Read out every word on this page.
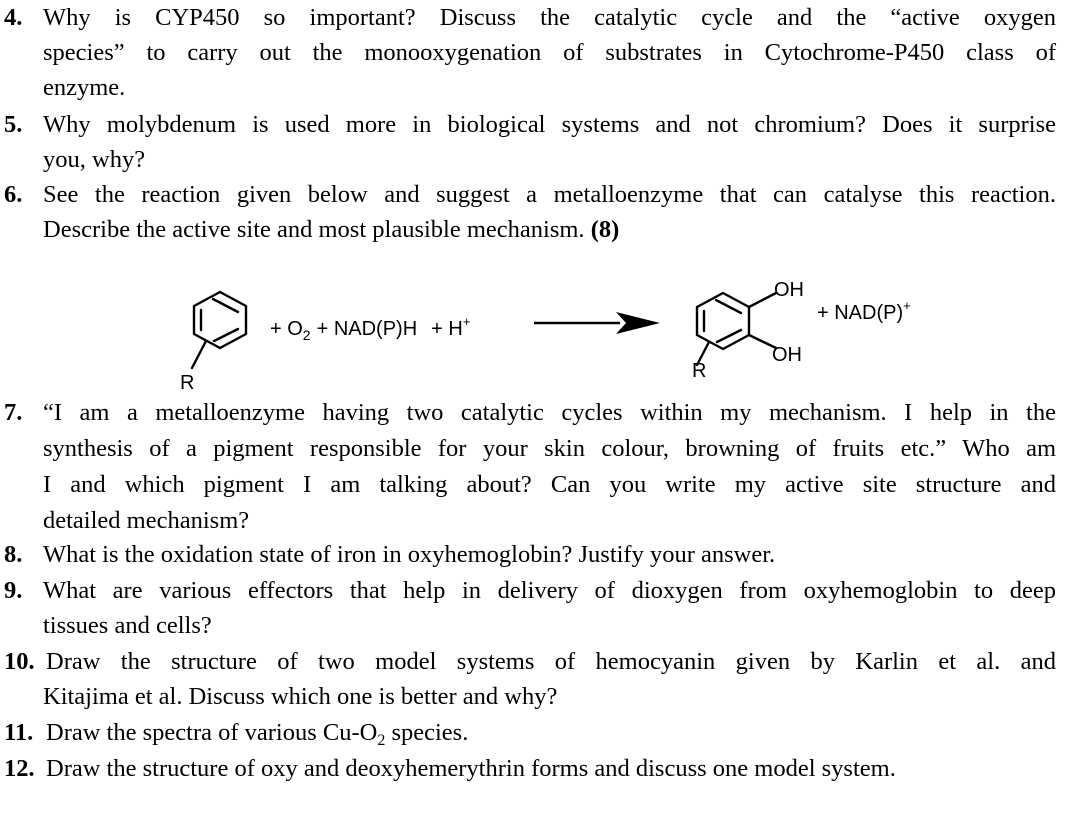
4. Why is CYP450 so important? Discuss the catalytic cycle and the “active oxygen
species” to carry out the monooxygenation of substrates in Cytochrome-P450 class of
enzyme.
5. Why molybdenum is used more in biological systems and not chromium? Does it surprise
you, why?
6. See the reaction given below and suggest a metalloenzyme that can catalyse this reaction.
Describe the active site and most plausible mechanism. (8)
R
+ $O_2 + NAD(P)H + H^+$
OH
OH
R
+ NAD(P)+
7. “I am a metalloenzyme having two catalytic cycles within my mechanism. I help in the
synthesis of a pigment responsible for your skin colour, browning of fruits etc.” Who am
I and which pigment I am talking about? Can you write my active site structure and
detailed mechanism?
8. What is the oxidation state of iron in oxyhemoglobin? Justify your answer.
9. What are various effectors that help in delivery of dioxygen from oxyhemoglobin to deep
tissues and cells?
10. Draw the structure of two model systems of hemocyanin given by Karlin et al. and
Kitajima et al. Discuss which one is better and why?
11. Draw the spectra of various $Cu-O_2$ species.
12. Draw the structure of oxy and deoxyhemerythrin forms and discuss one model system.
